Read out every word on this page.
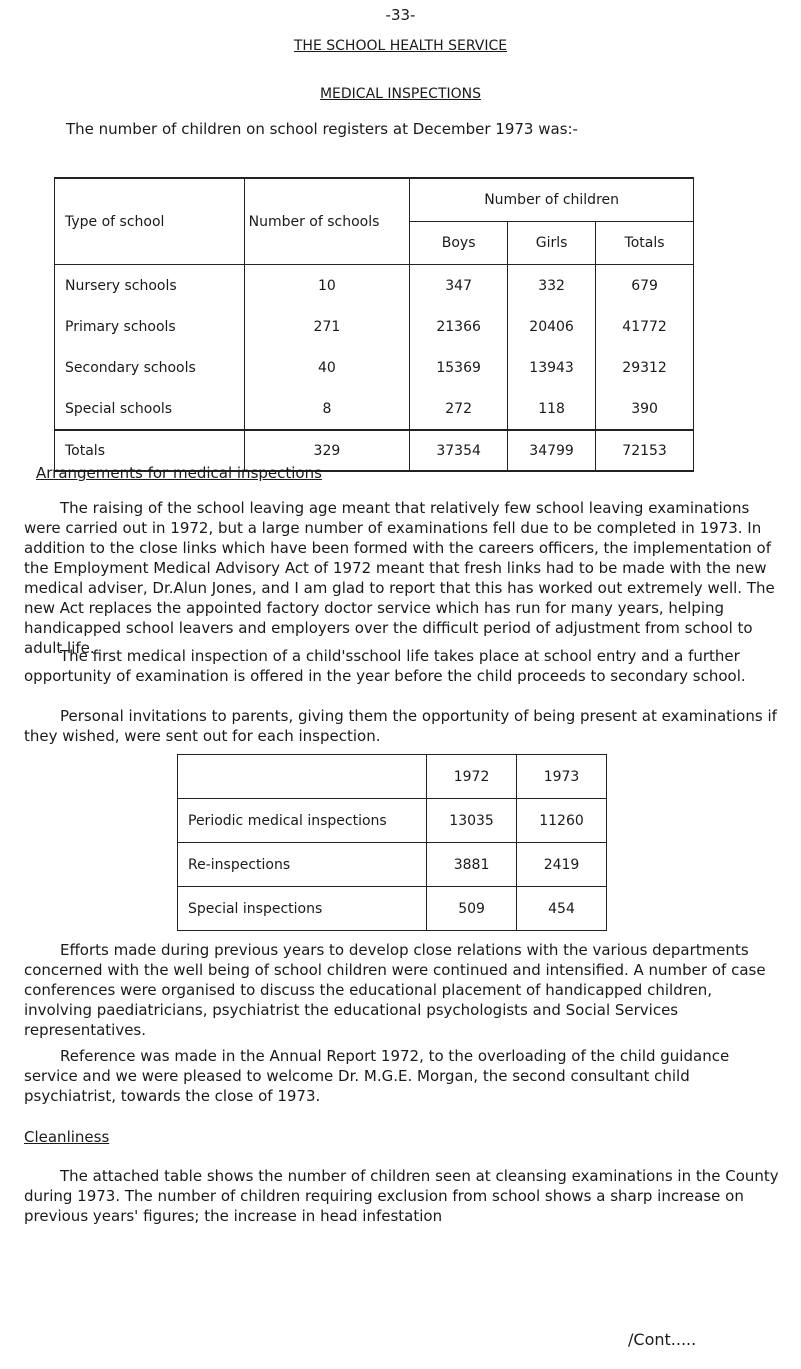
-33-
THE SCHOOL HEALTH SERVICE
MEDICAL INSPECTIONS
The number of children on school registers at December 1973 was:-
Type of school	Number of schools	Number of children		
		Boys	Girls	Totals
Nursery schools	10	347	332	679
Primary schools	271	21366	20406	41772
Secondary schools	40	15369	13943	29312
Special schools	8	272	118	390
Totals	329	37354	34799	72153
Arrangements for medical inspections

The raising of the school leaving age meant that relatively few school leaving examinations were carried out in 1972, but a large number of examinations fell due to be completed in 1973. In addition to the close links which have been formed with the careers officers, the implementation of the Employment Medical Advisory Act of 1972 meant that fresh links had to be made with the new medical adviser, Dr.Alun Jones, and I am glad to report that this has worked out extremely well. The new Act replaces the appointed factory doctor service which has run for many years, helping handicapped school leavers and employers over the difficult period of adjustment from school to adult life.

The first medical inspection of a child'sschool life takes place at school entry and a further opportunity of examination is offered in the year before the child proceeds to secondary school.

Personal invitations to parents, giving them the opportunity of being present at examinations if they wished, were sent out for each inspection.

	1972	1973
Periodic medical inspections	13035	11260
Re-inspections	3881	2419
Special inspections	509	454

Efforts made during previous years to develop close relations with the various departments concerned with the well being of school children were continued and intensified. A number of case conferences were organised to discuss the educational placement of handicapped children, involving paediatricians, psychiatrist the educational psychologists and Social Services representatives.

Reference was made in the Annual Report 1972, to the overloading of the child guidance service and we were pleased to welcome Dr. M.G.E. Morgan, the second consultant child psychiatrist, towards the close of 1973.

Cleanliness

The attached table shows the number of children seen at cleansing examinations in the County during 1973. The number of children requiring exclusion from school shows a sharp increase on previous years' figures; the increase in head infestation

/Cont.....
